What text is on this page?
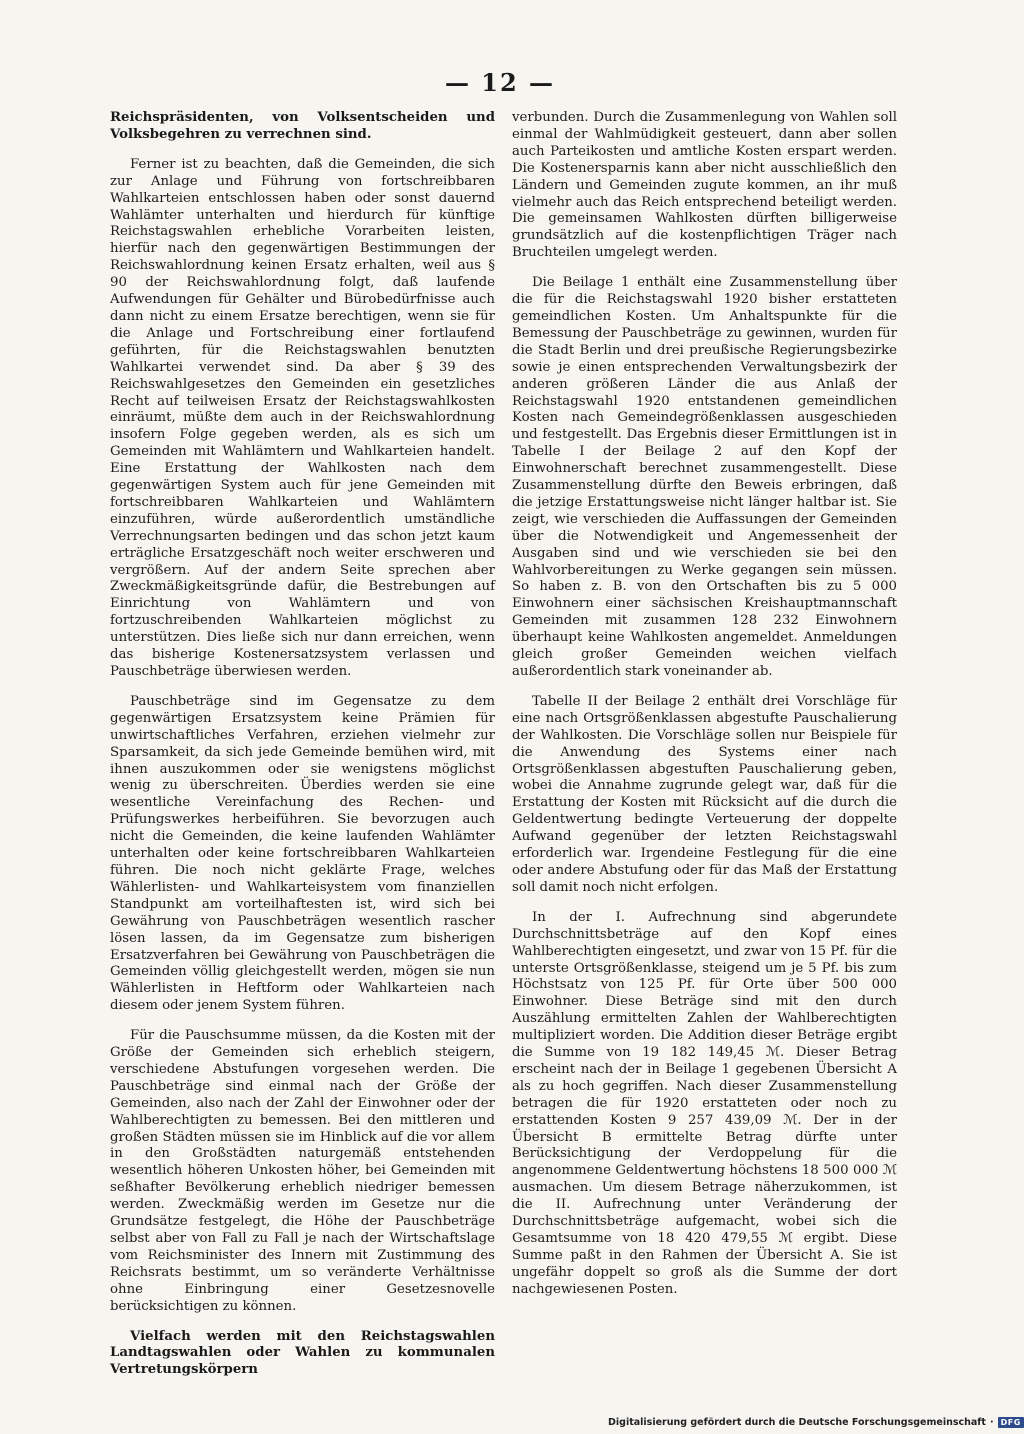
— 12 —

Reichspräsidenten, von Volksentscheiden und Volksbegehren zu verrechnen sind.

Ferner ist zu beachten, daß die Gemeinden, die sich zur Anlage und Führung von fortschreibbaren Wahlkarteien entschlossen haben oder sonst dauernd Wahlämter unterhalten und hierdurch für künftige Reichstagswahlen erhebliche Vorarbeiten leisten, hierfür nach den gegenwärtigen Bestimmungen der Reichswahlordnung keinen Ersatz erhalten, weil aus § 90 der Reichswahlordnung folgt, daß laufende Aufwendungen für Gehälter und Bürobedürfnisse auch dann nicht zu einem Ersatze berechtigen, wenn sie für die Anlage und Fortschreibung einer fortlaufend geführten, für die Reichstagswahlen benutzten Wahlkartei verwendet sind. Da aber § 39 des Reichswahlgesetzes den Gemeinden ein gesetzliches Recht auf teilweisen Ersatz der Reichstagswahlkosten einräumt, müßte dem auch in der Reichswahlordnung insofern Folge gegeben werden, als es sich um Gemeinden mit Wahlämtern und Wahlkarteien handelt. Eine Erstattung der Wahlkosten nach dem gegenwärtigen System auch für jene Gemeinden mit fortschreibbaren Wahlkarteien und Wahlämtern einzuführen, würde außerordentlich umständliche Verrechnungsarten bedingen und das schon jetzt kaum erträgliche Ersatzgeschäft noch weiter erschweren und vergrößern. Auf der andern Seite sprechen aber Zweckmäßigkeitsgründe dafür, die Bestrebungen auf Einrichtung von Wahlämtern und von fortzuschreibenden Wahlkarteien möglichst zu unterstützen. Dies ließe sich nur dann erreichen, wenn das bisherige Kostenersatzsystem verlassen und Pauschbeträge überwiesen werden.

Pauschbeträge sind im Gegensatze zu dem gegenwärtigen Ersatzsystem keine Prämien für unwirtschaftliches Verfahren, erziehen vielmehr zur Sparsamkeit, da sich jede Gemeinde bemühen wird, mit ihnen auszukommen oder sie wenigstens möglichst wenig zu überschreiten. Überdies werden sie eine wesentliche Vereinfachung des Rechen- und Prüfungswerkes herbeiführen. Sie bevorzugen auch nicht die Gemeinden, die keine laufenden Wahlämter unterhalten oder keine fortschreibbaren Wahlkarteien führen. Die noch nicht geklärte Frage, welches Wählerlisten- und Wahlkarteisystem vom finanziellen Standpunkt am vorteilhaftesten ist, wird sich bei Gewährung von Pauschbeträgen wesentlich rascher lösen lassen, da im Gegensatze zum bisherigen Ersatzverfahren bei Gewährung von Pauschbeträgen die Gemeinden völlig gleichgestellt werden, mögen sie nun Wählerlisten in Heftform oder Wahlkarteien nach diesem oder jenem System führen.

Für die Pauschsumme müssen, da die Kosten mit der Größe der Gemeinden sich erheblich steigern, verschiedene Abstufungen vorgesehen werden. Die Pauschbeträge sind einmal nach der Größe der Gemeinden, also nach der Zahl der Einwohner oder der Wahlberechtigten zu bemessen. Bei den mittleren und großen Städten müssen sie im Hinblick auf die vor allem in den Großstädten naturgemäß entstehenden wesentlich höheren Unkosten höher, bei Gemeinden mit seßhafter Bevölkerung erheblich niedriger bemessen werden. Zweckmäßig werden im Gesetze nur die Grundsätze festgelegt, die Höhe der Pauschbeträge selbst aber von Fall zu Fall je nach der Wirtschaftslage vom Reichsminister des Innern mit Zustimmung des Reichsrats bestimmt, um so veränderte Verhältnisse ohne Einbringung einer Gesetzesnovelle berücksichtigen zu können.

Vielfach werden mit den Reichstagswahlen Landtagswahlen oder Wahlen zu kommunalen Vertretungskörpern

verbunden. Durch die Zusammenlegung von Wahlen soll einmal der Wahlmüdigkeit gesteuert, dann aber sollen auch Parteikosten und amtliche Kosten erspart werden. Die Kostenersparnis kann aber nicht ausschließlich den Ländern und Gemeinden zugute kommen, an ihr muß vielmehr auch das Reich entsprechend beteiligt werden. Die gemeinsamen Wahlkosten dürften billigerweise grundsätzlich auf die kostenpflichtigen Träger nach Bruchteilen umgelegt werden.

Die Beilage 1 enthält eine Zusammenstellung über die für die Reichstagswahl 1920 bisher erstatteten gemeindlichen Kosten. Um Anhaltspunkte für die Bemessung der Pauschbeträge zu gewinnen, wurden für die Stadt Berlin und drei preußische Regierungsbezirke sowie je einen entsprechenden Verwaltungsbezirk der anderen größeren Länder die aus Anlaß der Reichstagswahl 1920 entstandenen gemeindlichen Kosten nach Gemeindegrößenklassen ausgeschieden und festgestellt. Das Ergebnis dieser Ermittlungen ist in Tabelle I der Beilage 2 auf den Kopf der Einwohnerschaft berechnet zusammengestellt. Diese Zusammenstellung dürfte den Beweis erbringen, daß die jetzige Erstattungsweise nicht länger haltbar ist. Sie zeigt, wie verschieden die Auffassungen der Gemeinden über die Notwendigkeit und Angemessenheit der Ausgaben sind und wie verschieden sie bei den Wahlvorbereitungen zu Werke gegangen sein müssen. So haben z. B. von den Ortschaften bis zu 5 000 Einwohnern einer sächsischen Kreishauptmannschaft Gemeinden mit zusammen 128 232 Einwohnern überhaupt keine Wahlkosten angemeldet. Anmeldungen gleich großer Gemeinden weichen vielfach außerordentlich stark voneinander ab.

Tabelle II der Beilage 2 enthält drei Vorschläge für eine nach Ortsgrößenklassen abgestufte Pauschalierung der Wahlkosten. Die Vorschläge sollen nur Beispiele für die Anwendung des Systems einer nach Ortsgrößenklassen abgestuften Pauschalierung geben, wobei die Annahme zugrunde gelegt war, daß für die Erstattung der Kosten mit Rücksicht auf die durch die Geldentwertung bedingte Verteuerung der doppelte Aufwand gegenüber der letzten Reichstagswahl erforderlich war. Irgendeine Festlegung für die eine oder andere Abstufung oder für das Maß der Erstattung soll damit noch nicht erfolgen.

In der I. Aufrechnung sind abgerundete Durchschnittsbeträge auf den Kopf eines Wahlberechtigten eingesetzt, und zwar von 15 Pf. für die unterste Ortsgrößenklasse, steigend um je 5 Pf. bis zum Höchstsatz von 125 Pf. für Orte über 500 000 Einwohner. Diese Beträge sind mit den durch Auszählung ermittelten Zahlen der Wahlberechtigten multipliziert worden. Die Addition dieser Beträge ergibt die Summe von 19 182 149,45 ℳ. Dieser Betrag erscheint nach der in Beilage 1 gegebenen Übersicht A als zu hoch gegriffen. Nach dieser Zusammenstellung betragen die für 1920 erstatteten oder noch zu erstattenden Kosten 9 257 439,09 ℳ. Der in der Übersicht B ermittelte Betrag dürfte unter Berücksichtigung der Verdoppelung für die angenommene Geldentwertung höchstens 18 500 000 ℳ ausmachen. Um diesem Betrage näherzukommen, ist die II. Aufrechnung unter Veränderung der Durchschnittsbeträge aufgemacht, wobei sich die Gesamtsumme von 18 420 479,55 ℳ ergibt. Diese Summe paßt in den Rahmen der Übersicht A. Sie ist ungefähr doppelt so groß als die Summe der dort nachgewiesenen Posten.

Digitalisierung gefördert durch die Deutsche Forschungsgemeinschaft · DFG
